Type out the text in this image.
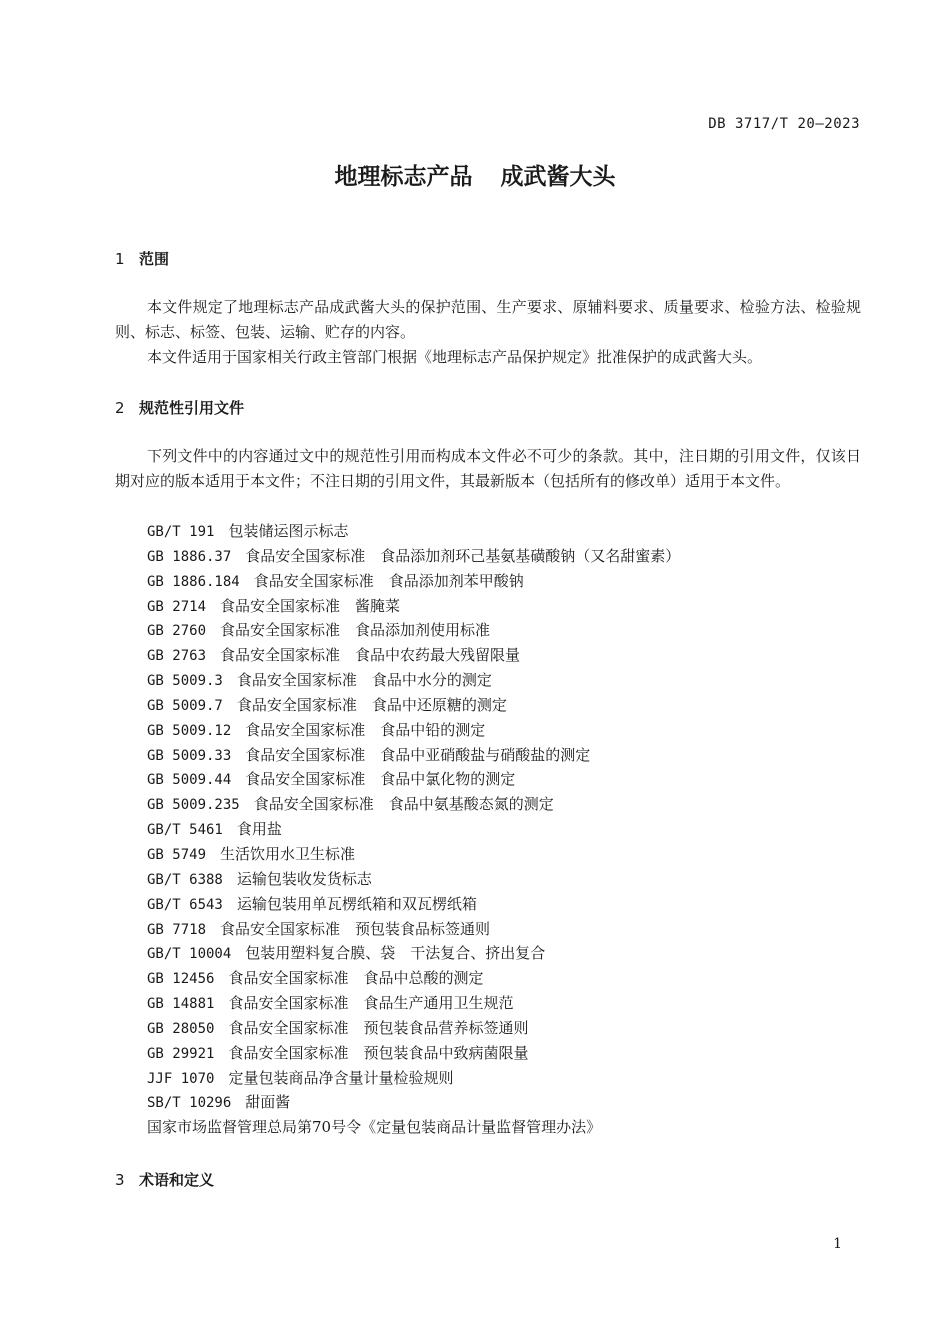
DB 3717/T 20—2023
地理标志产品 成武酱大头
1 范围

本文件规定了地理标志产品成武酱大头的保护范围、生产要求、原辅料要求、质量要求、检验方法、检验规则、标志、标签、包装、运输、贮存的内容。

本文件适用于国家相关行政主管部门根据《地理标志产品保护规定》批准保护的成武酱大头。

2 规范性引用文件

下列文件中的内容通过文中的规范性引用而构成本文件必不可少的条款。其中，注日期的引用文件，仅该日期对应的版本适用于本文件；不注日期的引用文件，其最新版本（包括所有的修改单）适用于本文件。

GB/T 191 包装储运图示标志
GB 1886.37 食品安全国家标准　食品添加剂环己基氨基磺酸钠（又名甜蜜素）
GB 1886.184 食品安全国家标准　食品添加剂苯甲酸钠
GB 2714 食品安全国家标准　酱腌菜
GB 2760 食品安全国家标准　食品添加剂使用标准
GB 2763 食品安全国家标准　食品中农药最大残留限量
GB 5009.3 食品安全国家标准　食品中水分的测定
GB 5009.7 食品安全国家标准　食品中还原糖的测定
GB 5009.12 食品安全国家标准　食品中铅的测定
GB 5009.33 食品安全国家标准　食品中亚硝酸盐与硝酸盐的测定
GB 5009.44 食品安全国家标准　食品中氯化物的测定
GB 5009.235 食品安全国家标准　食品中氨基酸态氮的测定
GB/T 5461 食用盐
GB 5749 生活饮用水卫生标准
GB/T 6388 运输包装收发货标志
GB/T 6543 运输包装用单瓦楞纸箱和双瓦楞纸箱
GB 7718 食品安全国家标准　预包装食品标签通则
GB/T 10004 包装用塑料复合膜、袋　干法复合、挤出复合
GB 12456 食品安全国家标准　食品中总酸的测定
GB 14881 食品安全国家标准　食品生产通用卫生规范
GB 28050 食品安全国家标准　预包装食品营养标签通则
GB 29921 食品安全国家标准　预包装食品中致病菌限量
JJF 1070 定量包装商品净含量计量检验规则
SB/T 10296 甜面酱
国家市场监督管理总局第70号令《定量包装商品计量监督管理办法》
3 术语和定义
1
